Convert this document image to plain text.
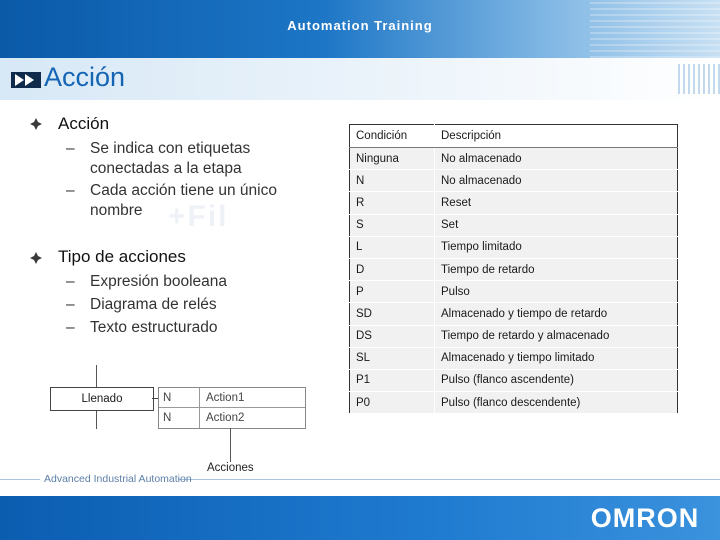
Automation Training
Acción
+Fil
Acción
– Se indica con etiquetas conectadas a la etapa
– Cada acción tiene un único nombre
Tipo de acciones
– Expresión booleana
– Diagrama de relés
– Texto estructurado
Condición	Descripción
Ninguna	No almacenado
N	No almacenado
R	Reset
S	Set
L	Tiempo limitado
D	Tiempo de retardo
P	Pulso
SD	Almacenado y tiempo de retardo
DS	Tiempo de retardo y almacenado
SL	Almacenado y tiempo limitado
P1	Pulso (flanco ascendente)
P0	Pulso (flanco descendente)
Llenado	N	Action1
N	Action2
Acciones
Advanced Industrial Automation
OMRON
